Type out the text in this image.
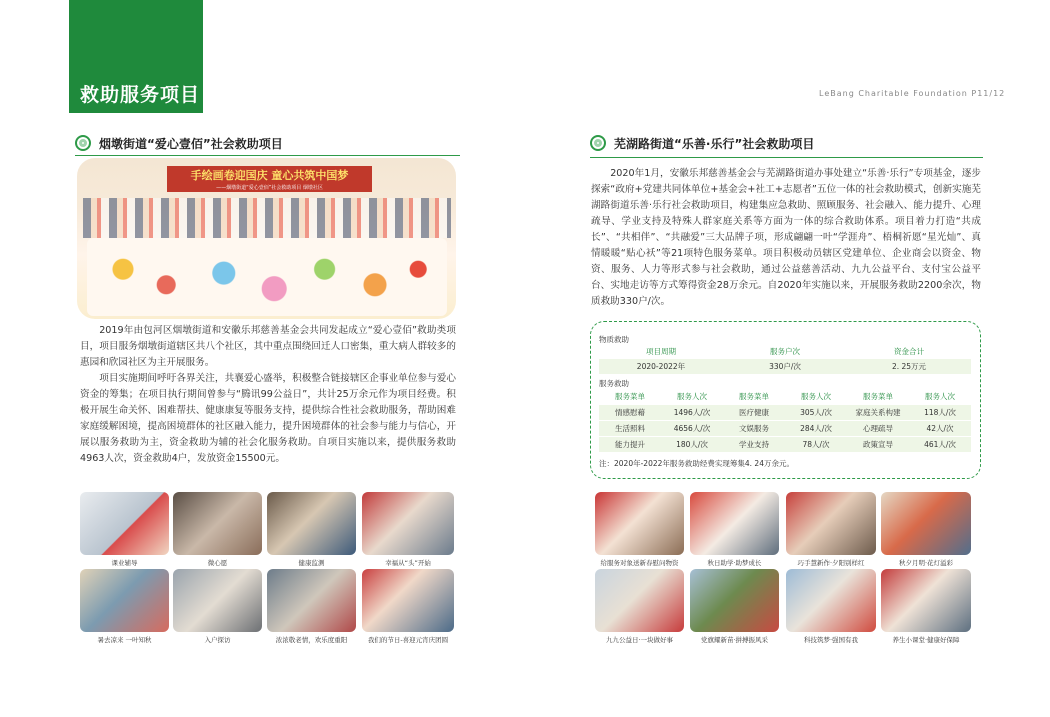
救助服务项目	LeBang Charitable Foundation P11/12
烟墩街道“爱心壹佰”社会救助项目
手绘画卷迎国庆 童心共筑中国梦
——烟墩街道“爱心壹佰”社会救助项目 烟墩社区

2019年由包河区烟墩街道和安徽乐邦慈善基金会共同发起成立“爱心壹佰”救助类项目，项目服务烟墩街道辖区共八个社区，其中重点围绕回迁人口密集，重大病人群较多的惠园和欣园社区为主开展服务。

项目实施期间呼吁各界关注，共襄爱心盛举，积极整合链接辖区企事业单位参与爱心资金的筹集；在项目执行期间曾参与“腾讯99公益日”，共计25万余元作为项目经费。积极开展生命关怀、困难帮扶、健康康复等服务支持，提供综合性社会救助服务，帮助困难家庭缓解困境，提高困境群体的社区融入能力，提升困境群体的社会参与能力与信心，开展以服务救助为主，资金救助为辅的社会化服务救助。自项目实施以来，提供服务救助4963人次，资金救助4户，发放资金15500元。

课业辅导	微心愿	健康监测	幸福从“头”开始
暑去凉来 一叶知秋	入户探访	浓浓敬老情，欢乐度重阳	我们的节日-喜迎元宵庆团圆
芜湖路街道“乐善·乐行”社会救助项目

2020年1月，安徽乐邦慈善基金会与芜湖路街道办事处建立“乐善·乐行”专项基金，逐步探索“政府+党建共同体单位+基金会+社工+志愿者”五位一体的社会救助模式，创新实施芜湖路街道乐善·乐行社会救助项目，构建集应急救助、照顾服务、社会融入、能力提升、心理疏导、学业支持及特殊人群家庭关系等方面为一体的综合救助体系。项目着力打造“共成长”、“共相伴”、“共融爱”三大品牌子项，形成翩翩一叶“学涯舟”、梧桐祈愿“星光灿”、真情暖暖“贴心袄”等21项特色服务菜单。项目积极动员辖区党建单位、企业商会以资金、物资、服务、人力等形式参与社会救助，通过公益慈善活动、九九公益平台、支付宝公益平台、实地走访等方式筹得资金28万余元。自2020年实施以来，开展服务救助2200余次，物质救助330户/次。

物质救助
项目周期	服务户次	资金合计
2020-2022年	330户/次	2. 25万元
服务救助
服务菜单	服务人次	服务菜单	服务人次	服务菜单	服务人次
情感慰藉	1496人/次	医疗健康	305人/次	家庭关系构建	118人/次
生活照料	4656人/次	文娱服务	284人/次	心理疏导	42人/次
能力提升	180人/次	学业支持	78人/次	政策宣导	461人/次
注：2020年-2022年服务救助经费实现筹集4. 24万余元。
给服务对象送新春慰问物资	秋日助学·助梦成长	巧手慧新作·夕阳别样红	秋夕月明·花灯溢彩
九九公益日·一块做好事	党旗耀新苗·拼搏振风采	科技筑梦·强国有我	养生小课堂·健康好保障
